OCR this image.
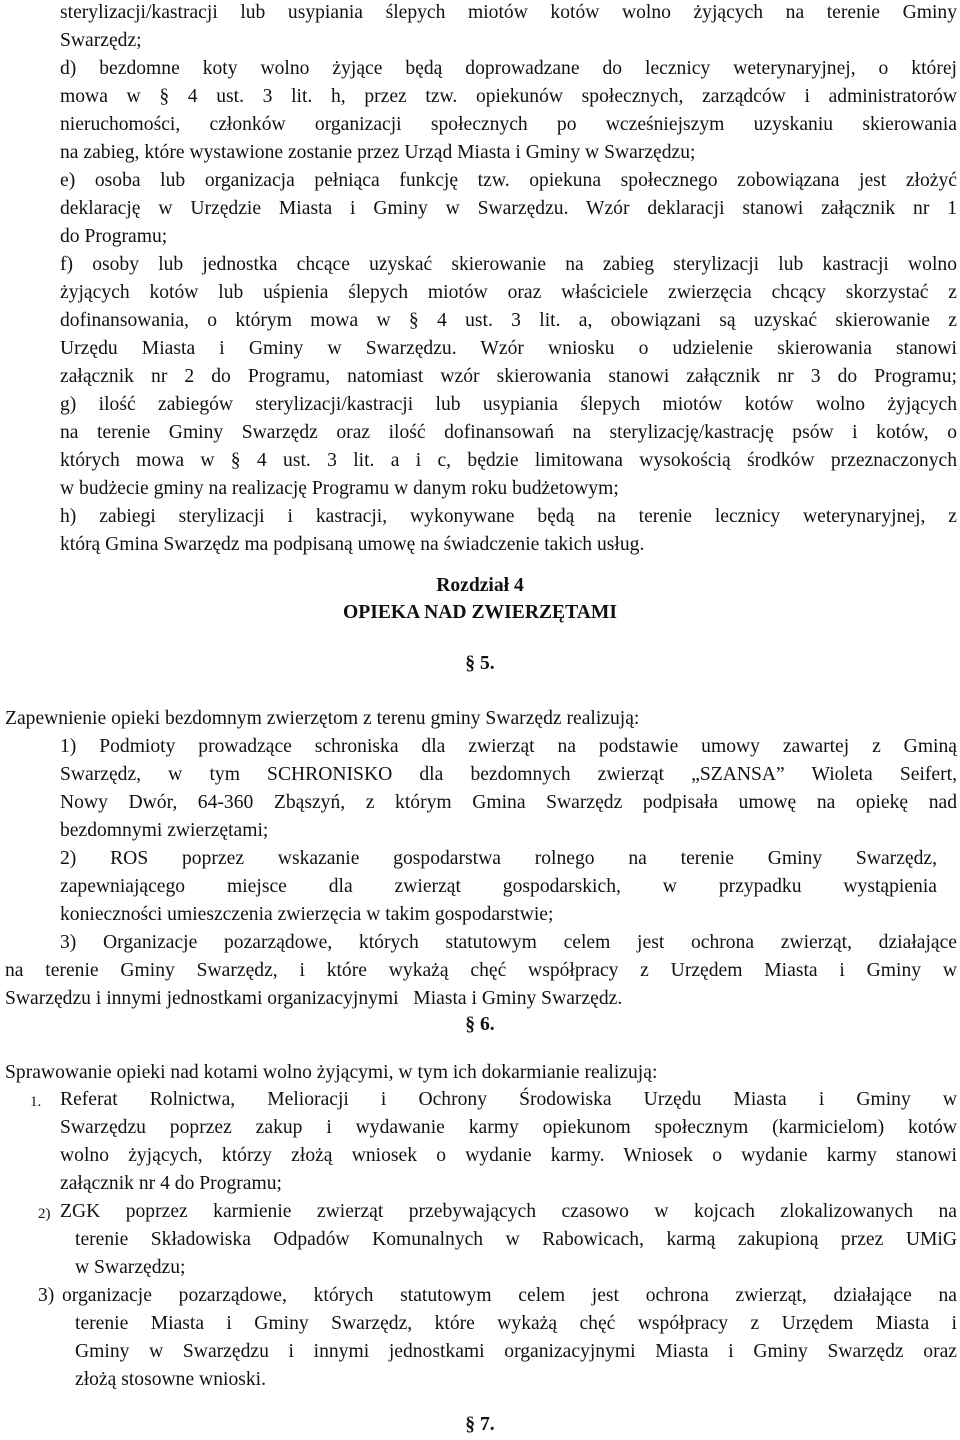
sterylizacji/kastracji lub usypiania ślepych miotów kotów wolno żyjących na terenie Gminy
Swarzędz;
d) bezdomne koty wolno żyjące będą doprowadzane do lecznicy weterynaryjnej, o której
mowa w § 4 ust. 3 lit. h, przez tzw. opiekunów społecznych, zarządców i administratorów
nieruchomości, członków organizacji społecznych po wcześniejszym uzyskaniu skierowania
na zabieg, które wystawione zostanie przez Urząd Miasta i Gminy w Swarzędzu;
e) osoba lub organizacja pełniąca funkcję tzw. opiekuna społecznego zobowiązana jest złożyć
deklarację w Urzędzie Miasta i Gminy w Swarzędzu. Wzór deklaracji stanowi załącznik nr 1
do Programu;
f) osoby lub jednostka chcące uzyskać skierowanie na zabieg sterylizacji lub kastracji wolno
żyjących kotów lub uśpienia ślepych miotów oraz właściciele zwierzęcia chcący skorzystać z
dofinansowania, o którym mowa w § 4 ust. 3 lit. a, obowiązani są uzyskać skierowanie z
Urzędu Miasta i Gminy w Swarzędzu. Wzór wniosku o udzielenie skierowania stanowi
załącznik nr 2 do Programu, natomiast wzór skierowania stanowi załącznik nr 3 do Programu;
g) ilość zabiegów sterylizacji/kastracji lub usypiania ślepych miotów kotów wolno żyjących
na terenie Gminy Swarzędz oraz ilość dofinansowań na sterylizację/kastrację psów i kotów, o
których mowa w § 4 ust. 3 lit. a i c, będzie limitowana wysokością środków przeznaczonych
w budżecie gminy na realizację Programu w danym roku budżetowym;
h) zabiegi sterylizacji i kastracji, wykonywane będą na terenie lecznicy weterynaryjnej, z
którą Gmina Swarzędz ma podpisaną umowę na świadczenie takich usług.
Rozdział 4
OPIEKA NAD ZWIERZĘTAMI
§ 5.
Zapewnienie opieki bezdomnym zwierzętom z terenu gminy Swarzędz realizują:
1) Podmioty prowadzące schroniska dla zwierząt na podstawie umowy zawartej z Gminą
Swarzędz, w tym SCHRONISKO dla bezdomnych zwierząt „SZANSA” Wioleta Seifert,
Nowy Dwór, 64-360 Zbąszyń, z którym Gmina Swarzędz podpisała umowę na opiekę nad
bezdomnymi zwierzętami;
2) ROS poprzez wskazanie gospodarstwa rolnego na terenie Gminy Swarzędz,
zapewniającego miejsce dla zwierząt gospodarskich, w przypadku wystąpienia
konieczności umieszczenia zwierzęcia w takim gospodarstwie;
3) Organizacje pozarządowe, których statutowym celem jest ochrona zwierząt, działające
na terenie Gminy Swarzędz, i które wykażą chęć współpracy z Urzędem Miasta i Gminy w
Swarzędzu i innymi jednostkami organizacyjnymi   Miasta i Gminy Swarzędz.
§ 6.
Sprawowanie opieki nad kotami wolno żyjącymi, w tym ich dokarmianie realizują:
1. Referat Rolnictwa, Melioracji i Ochrony Środowiska Urzędu Miasta i Gminy w
Swarzędzu poprzez zakup i wydawanie karmy opiekunom społecznym (karmicielom) kotów
wolno żyjących, którzy złożą wniosek o wydanie karmy. Wniosek o wydanie karmy stanowi
załącznik nr 4 do Programu;
2) ZGK poprzez karmienie zwierząt przebywających czasowo w kojcach zlokalizowanych na
terenie Składowiska Odpadów Komunalnych w Rabowicach, karmą zakupioną przez UMiG
w Swarzędzu;
3) organizacje pozarządowe, których statutowym celem jest ochrona zwierząt, działające na
terenie Miasta i Gminy Swarzędz, które wykażą chęć współpracy z Urzędem Miasta i
Gminy w Swarzędzu i innymi jednostkami organizacyjnymi Miasta i Gminy Swarzędz oraz
złożą stosowne wnioski.
§ 7.
